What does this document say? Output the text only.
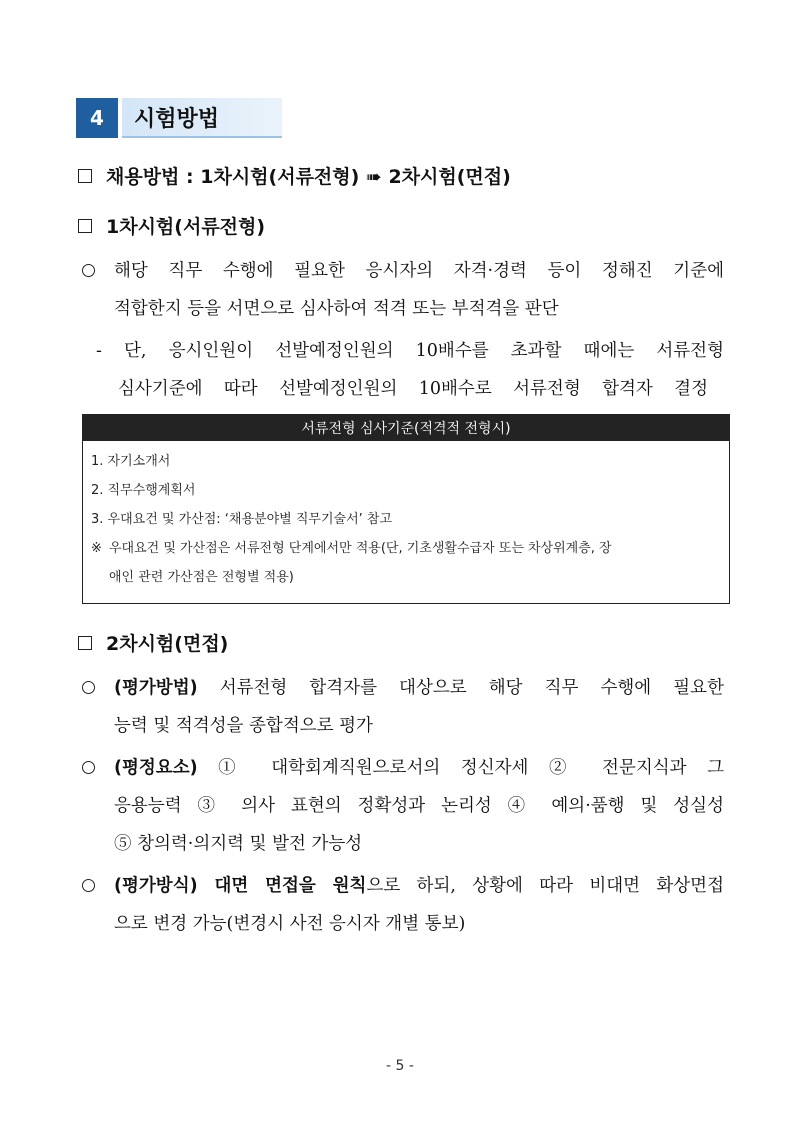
4	시험방법
채용방법 : 1차시험(서류전형) ➠ 2차시험(면접)
1차시험(서류전형)
해당 직무 수행에 필요한 응시자의 자격·경력 등이 정해진 기준에
적합한지 등을 서면으로 심사하여 적격 또는 부적격을 판단
- 단, 응시인원이 선발예정인원의 10배수를 초과할 때에는 서류전형
심사기준에 따라 선발예정인원의 10배수로 서류전형 합격자 결정
서류전형 심사기준(적격적 전형시)
1. 자기소개서
2. 직무수행계획서
3. 우대요건 및 가산점: ‘채용분야별 직무기술서’ 참고
※ 우대요건 및 가산점은 서류전형 단계에서만 적용(단, 기초생활수급자 또는 차상위계층, 장
애인 관련 가산점은 전형별 적용)
2차시험(면접)
(평가방법) 서류전형 합격자를 대상으로 해당 직무 수행에 필요한
능력 및 적격성을 종합적으로 평가
(평정요소) ① 대학회계직원으로서의 정신자세 ② 전문지식과 그
응용능력 ③ 의사 표현의 정확성과 논리성 ④ 예의·품행 및 성실성
⑤ 창의력·의지력 및 발전 가능성
(평가방식) 대면 면접을 원칙으로 하되, 상황에 따라 비대면 화상면접
으로 변경 가능(변경시 사전 응시자 개별 통보)
- 5 -
